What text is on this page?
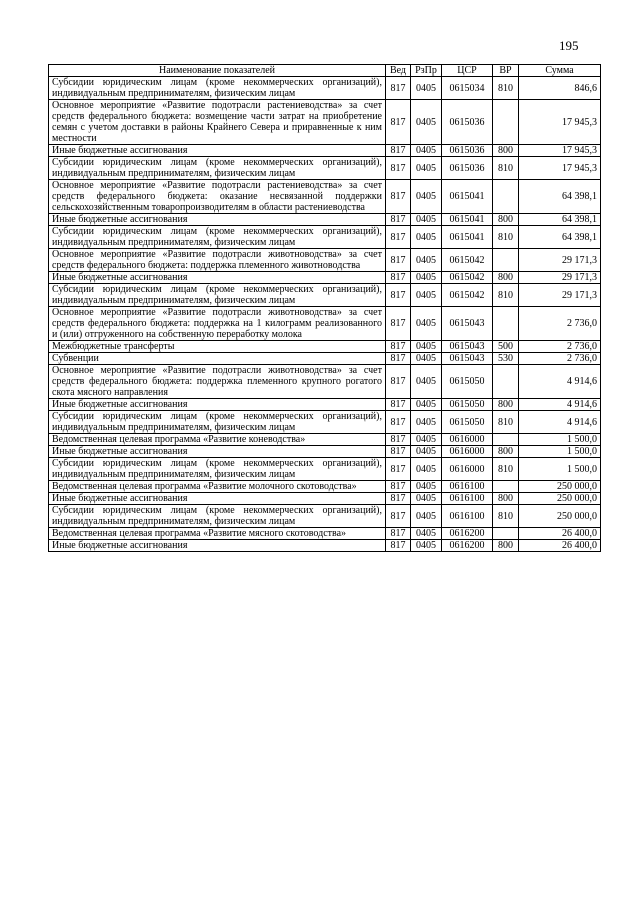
195
Наименование показателей	Вед	РзПр	ЦСР	ВР	Сумма
Субсидии юридическим лицам (кроме некоммерческих организаций), индивидуальным предпринимателям, физическим лицам	817	0405	0615034	810	846,6
Основное мероприятие «Развитие подотрасли растениеводства» за счет средств федерального бюджета: возмещение части затрат на приобретение семян с учетом доставки в районы Крайнего Севера и приравненные к ним местности	817	0405	0615036		17 945,3
Иные бюджетные ассигнования	817	0405	0615036	800	17 945,3
Субсидии юридическим лицам (кроме некоммерческих организаций), индивидуальным предпринимателям, физическим лицам	817	0405	0615036	810	17 945,3
Основное мероприятие «Развитие подотрасли растениеводства» за счет средств федерального бюджета: оказание несвязанной поддержки сельскохозяйственным товаропроизводителям в области растениеводства	817	0405	0615041		64 398,1
Иные бюджетные ассигнования	817	0405	0615041	800	64 398,1
Субсидии юридическим лицам (кроме некоммерческих организаций), индивидуальным предпринимателям, физическим лицам	817	0405	0615041	810	64 398,1
Основное мероприятие «Развитие подотрасли животноводства» за счет средств федерального бюджета: поддержка племенного животноводства	817	0405	0615042		29 171,3
Иные бюджетные ассигнования	817	0405	0615042	800	29 171,3
Субсидии юридическим лицам (кроме некоммерческих организаций), индивидуальным предпринимателям, физическим лицам	817	0405	0615042	810	29 171,3
Основное мероприятие «Развитие подотрасли животноводства» за счет средств федерального бюджета: поддержка на 1 килограмм реализованного и (или) отгруженного на собственную переработку молока	817	0405	0615043		2 736,0
Межбюджетные трансферты	817	0405	0615043	500	2 736,0
Субвенции	817	0405	0615043	530	2 736,0
Основное мероприятие «Развитие подотрасли животноводства» за счет средств федерального бюджета: поддержка племенного крупного рогатого скота мясного направления	817	0405	0615050		4 914,6
Иные бюджетные ассигнования	817	0405	0615050	800	4 914,6
Субсидии юридическим лицам (кроме некоммерческих организаций), индивидуальным предпринимателям, физическим лицам	817	0405	0615050	810	4 914,6
Ведомственная целевая программа «Развитие коневодства»	817	0405	0616000		1 500,0
Иные бюджетные ассигнования	817	0405	0616000	800	1 500,0
Субсидии юридическим лицам (кроме некоммерческих организаций), индивидуальным предпринимателям, физическим лицам	817	0405	0616000	810	1 500,0
Ведомственная целевая программа «Развитие молочного скотоводства»	817	0405	0616100		250 000,0
Иные бюджетные ассигнования	817	0405	0616100	800	250 000,0
Субсидии юридическим лицам (кроме некоммерческих организаций), индивидуальным предпринимателям, физическим лицам	817	0405	0616100	810	250 000,0
Ведомственная целевая программа «Развитие мясного скотоводства»	817	0405	0616200		26 400,0
Иные бюджетные ассигнования	817	0405	0616200	800	26 400,0
